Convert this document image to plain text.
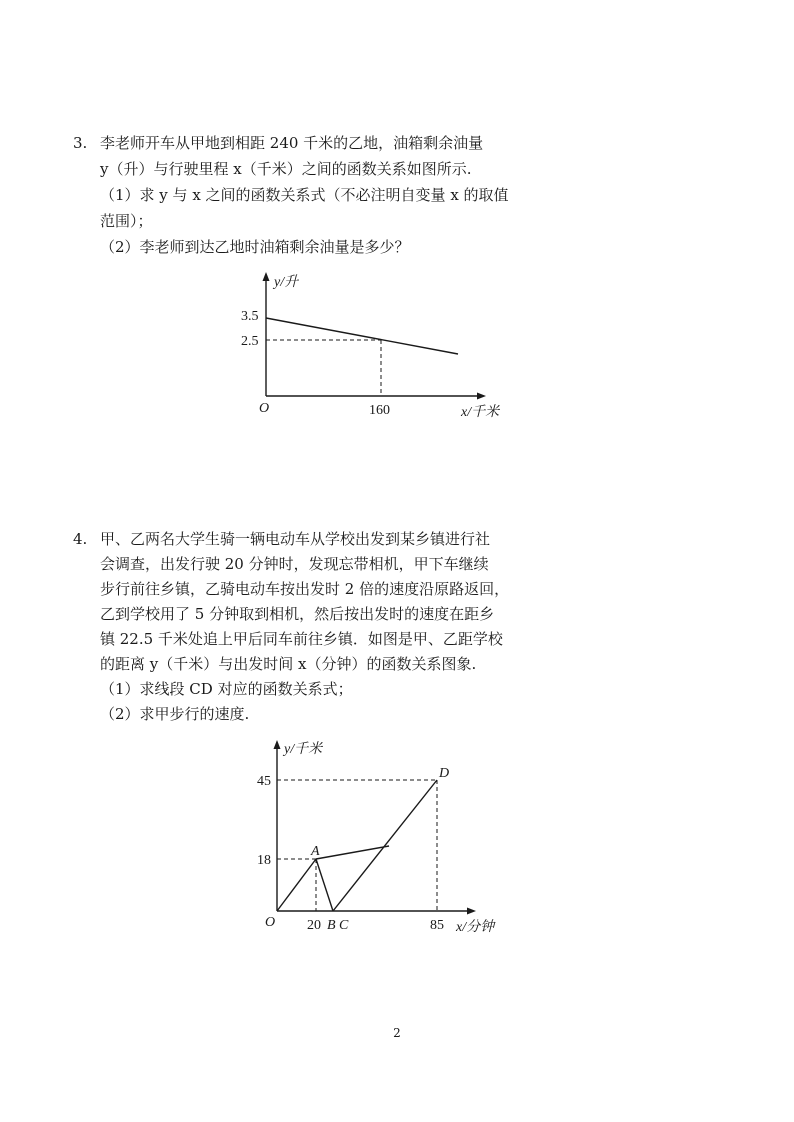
3. 李老师开车从甲地到相距 240 千米的乙地，油箱剩余油量
y（升）与行驶里程 x（千米）之间的函数关系如图所示.
（1）求 y 与 x 之间的函数关系式（不必注明自变量 x 的取值
范围）；
（2）李老师到达乙地时油箱剩余油量是多少？
y/升
3.5
2.5
O	160	x/千米
4. 甲、乙两名大学生骑一辆电动车从学校出发到某乡镇进行社
会调查，出发行驶 20 分钟时，发现忘带相机，甲下车继续
步行前往乡镇，乙骑电动车按出发时 2 倍的速度沿原路返回，
乙到学校用了 5 分钟取到相机，然后按出发时的速度在距乡
镇 22.5 千米处追上甲后同车前往乡镇．如图是甲、乙距学校
的距离 y（千米）与出发时间 x（分钟）的函数关系图象.
（1）求线段 CD 对应的函数关系式；
（2）求甲步行的速度.
y/千米
45
18
A
D
O 20 B C	85 x/分钟
2
